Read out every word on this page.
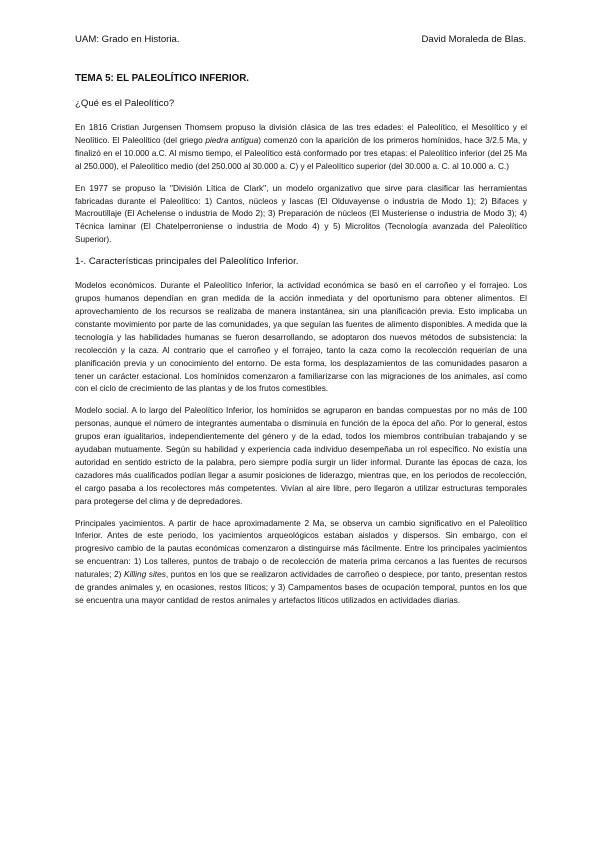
UAM: Grado en Historia.	David Moraleda de Blas.
TEMA 5: EL PALEOLÍTICO INFERIOR.
¿Qué es el Paleolítico?

En 1816 Cristian Jurgensen Thomsem propuso la división clásica de las tres edades: el Paleolítico, el Mesolítico y el Neolítico. El Paleolítico (del griego piedra antigua) comenzó con la aparición de los primeros homínidos, hace 3/2.5 Ma, y finalizó en el 10.000 a.C. Al mismo tiempo, el Paleolítico está conformado por tres etapas: el Paleolítico inferior (del 25 Ma al 250.000), el Paleolítico medio (del 250.000 al 30.000 a. C) y el Paleolítico superior (del 30.000 a. C. al 10.000 a. C.)

En 1977 se propuso la "División Lítica de Clark", un modelo organizativo que sirve para clasificar las herramientas fabricadas durante el Paleolítico: 1) Cantos, núcleos y lascas (El Olduvayense o industria de Modo 1); 2) Bifaces y Macroutillaje (El Achelense o industria de Modo 2); 3) Preparación de núcleos (El Musteriense o industria de Modo 3); 4) Técnica laminar (El Chatelperroniense o industria de Modo 4) y 5) Microlitos (Tecnología avanzada del Paleolítico Superior).

1-. Características principales del Paleolítico Inferior.

Modelos económicos. Durante el Paleolítico Inferior, la actividad económica se basó en el carroñeo y el forrajeo. Los grupos humanos dependían en gran medida de la acción inmediata y del oportunismo para obtener alimentos. El aprovechamiento de los recursos se realizaba de manera instantánea, sin una planificación previa. Esto implicaba un constante movimiento por parte de las comunidades, ya que seguían las fuentes de alimento disponibles. A medida que la tecnología y las habilidades humanas se fueron desarrollando, se adoptaron dos nuevos métodos de subsistencia: la recolección y la caza. Al contrario que el carroñeo y el forrajeo, tanto la caza como la recolección requerían de una planificación previa y un conocimiento del entorno. De esta forma, los desplazamientos de las comunidades pasaron a tener un carácter estacional. Los homínidos comenzaron a familiarizarse con las migraciones de los animales, así como con el ciclo de crecimiento de las plantas y de los frutos comestibles.

Modelo social. A lo largo del Paleolítico Inferior, los homínidos se agruparon en bandas compuestas por no más de 100 personas, aunque el número de integrantes aumentaba o disminuía en función de la época del año. Por lo general, estos grupos eran igualitarios, independientemente del género y de la edad, todos los miembros contribuían trabajando y se ayudaban mutuamente. Según su habilidad y experiencia cada individuo desempeñaba un rol específico. No existía una autoridad en sentido estricto de la palabra, pero siempre podía surgir un líder informal. Durante las épocas de caza, los cazadores más cualificados podían llegar a asumir posiciones de liderazgo, mientras que, en los periodos de recolección, el cargo pasaba a los recolectores más competentes. Vivían al aire libre, pero llegaron a utilizar estructuras temporales para protegerse del clima y de depredadores.

Principales yacimientos. A partir de hace aproximadamente 2 Ma, se observa un cambio significativo en el Paleolítico Inferior. Antes de este periodo, los yacimientos arqueológicos estaban aislados y dispersos. Sin embargo, con el progresivo cambio de la pautas económicas comenzaron a distinguirse más fácilmente. Entre los principales yacimientos se encuentran: 1) Los talleres, puntos de trabajo o de recolección de materia prima cercanos a las fuentes de recursos naturales; 2) Killing sites, puntos en los que se realizaron actividades de carroñeo o despiece, por tanto, presentan restos de grandes animales y, en ocasiones, restos líticos; y 3) Campamentos bases de ocupación temporal, puntos en los que se encuentra una mayor cantidad de restos animales y artefactos líticos utilizados en actividades diarias.
